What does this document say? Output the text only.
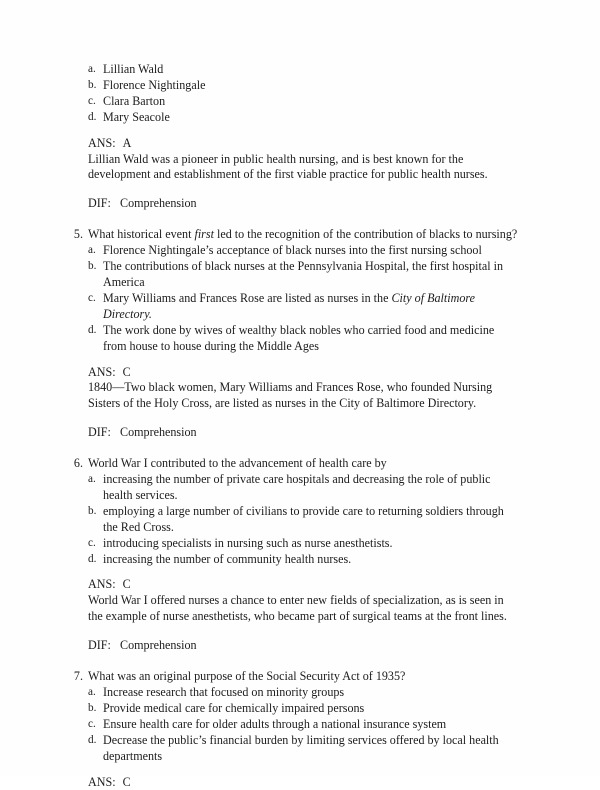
a. Lillian Wald
b. Florence Nightingale
c. Clara Barton
d. Mary Seacole
ANS: A
Lillian Wald was a pioneer in public health nursing, and is best known for the
development and establishment of the first viable practice for public health nurses.
DIF: Comprehension
5. What historical event first led to the recognition of the contribution of blacks to nursing?
a. Florence Nightingale’s acceptance of black nurses into the first nursing school
b. The contributions of black nurses at the Pennsylvania Hospital, the first hospital in America
c. Mary Williams and Frances Rose are listed as nurses in the City of Baltimore Directory.
d. The work done by wives of wealthy black nobles who carried food and medicine from house to house during the Middle Ages
ANS: C
1840—Two black women, Mary Williams and Frances Rose, who founded Nursing
Sisters of the Holy Cross, are listed as nurses in the City of Baltimore Directory.
DIF: Comprehension
6. World War I contributed to the advancement of health care by
a. increasing the number of private care hospitals and decreasing the role of public health services.
b. employing a large number of civilians to provide care to returning soldiers through the Red Cross.
c. introducing specialists in nursing such as nurse anesthetists.
d. increasing the number of community health nurses.
ANS: C
World War I offered nurses a chance to enter new fields of specialization, as is seen in
the example of nurse anesthetists, who became part of surgical teams at the front lines.
DIF: Comprehension
7. What was an original purpose of the Social Security Act of 1935?
a. Increase research that focused on minority groups
b. Provide medical care for chemically impaired persons
c. Ensure health care for older adults through a national insurance system
d. Decrease the public’s financial burden by limiting services offered by local health departments
ANS: C
